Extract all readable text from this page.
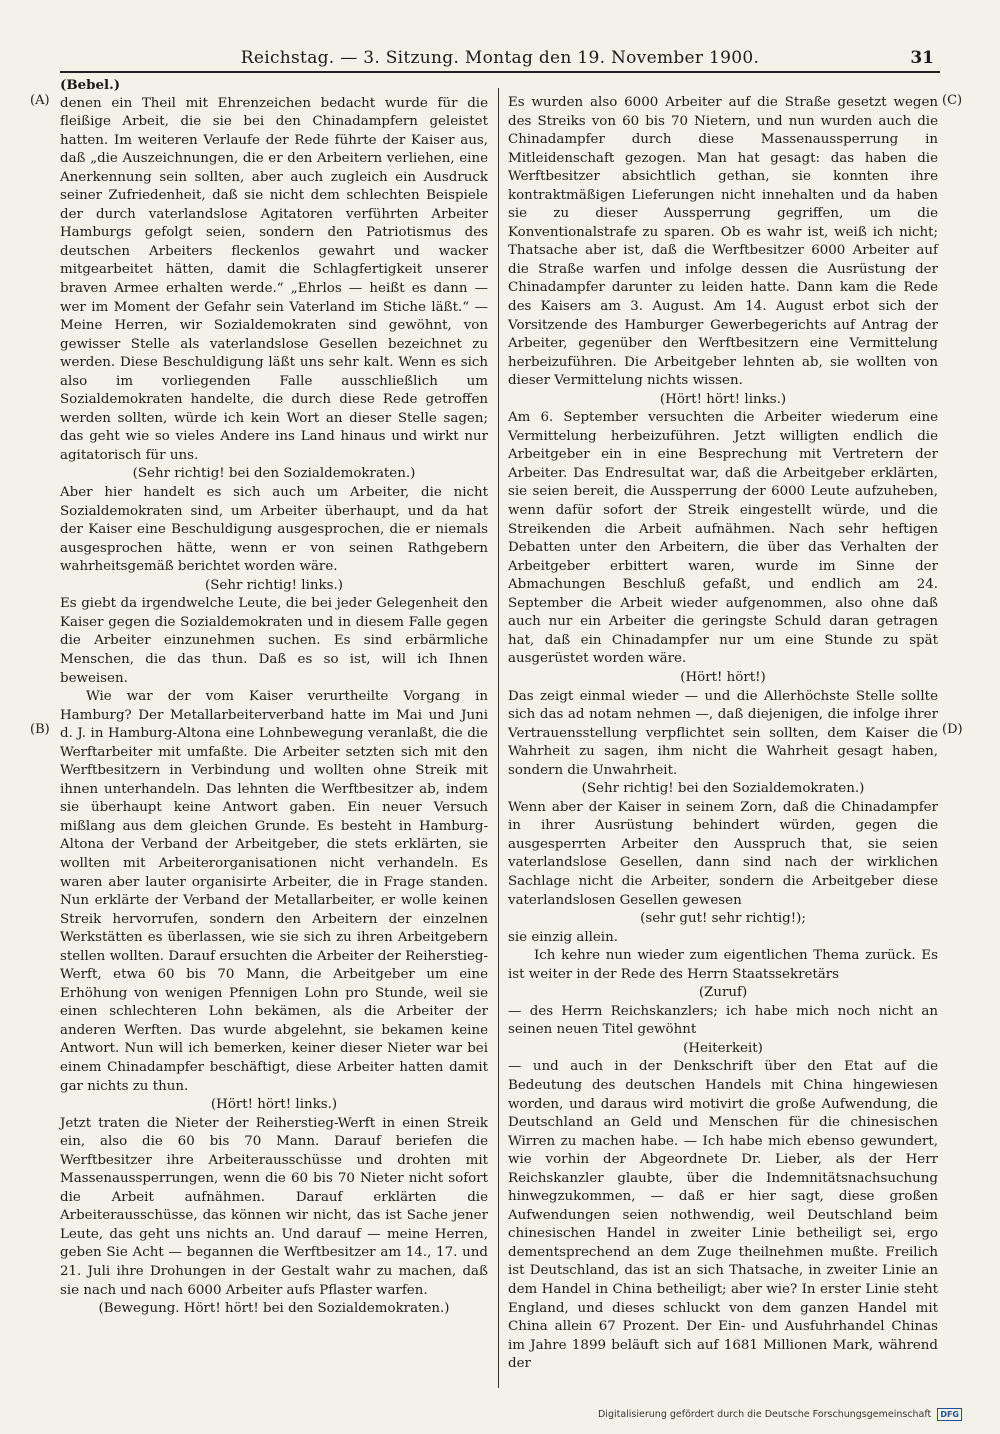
Reichstag. — 3. Sitzung. Montag den 19. November 1900.	31
(A)
(B)
(C)
(D)

(Bebel.)

denen ein Theil mit Ehrenzeichen bedacht wurde für die fleißige Arbeit, die sie bei den Chinadampfern geleistet hatten. Im weiteren Verlaufe der Rede führte der Kaiser aus, daß „die Auszeichnungen, die er den Arbeitern verliehen, eine Anerkennung sein sollten, aber auch zugleich ein Ausdruck seiner Zufriedenheit, daß sie nicht dem schlechten Beispiele der durch vaterlandslose Agitatoren verführten Arbeiter Hamburgs gefolgt seien, sondern den Patriotismus des deutschen Arbeiters fleckenlos gewahrt und wacker mitgearbeitet hätten, damit die Schlagfertigkeit unserer braven Armee erhalten werde.“ „Ehrlos — heißt es dann — wer im Moment der Gefahr sein Vaterland im Stiche läßt.“ — Meine Herren, wir Sozialdemokraten sind gewöhnt, von gewisser Stelle als vaterlandslose Gesellen bezeichnet zu werden. Diese Beschuldigung läßt uns sehr kalt. Wenn es sich also im vorliegenden Falle ausschließlich um Sozialdemokraten handelte, die durch diese Rede getroffen werden sollten, würde ich kein Wort an dieser Stelle sagen; das geht wie so vieles Andere ins Land hinaus und wirkt nur agitatorisch für uns.

(Sehr richtig! bei den Sozialdemokraten.)

Aber hier handelt es sich auch um Arbeiter, die nicht Sozialdemokraten sind, um Arbeiter überhaupt, und da hat der Kaiser eine Beschuldigung ausgesprochen, die er niemals ausgesprochen hätte, wenn er von seinen Rathgebern wahrheitsgemäß berichtet worden wäre.

(Sehr richtig! links.)

Es giebt da irgendwelche Leute, die bei jeder Gelegenheit den Kaiser gegen die Sozialdemokraten und in diesem Falle gegen die Arbeiter einzunehmen suchen. Es sind erbärmliche Menschen, die das thun. Daß es so ist, will ich Ihnen beweisen.

Wie war der vom Kaiser verurtheilte Vorgang in Hamburg? Der Metallarbeiterverband hatte im Mai und Juni d. J. in Hamburg-Altona eine Lohnbewegung veranlaßt, die die Werftarbeiter mit umfaßte. Die Arbeiter setzten sich mit den Werftbesitzern in Verbindung und wollten ohne Streik mit ihnen unterhandeln. Das lehnten die Werftbesitzer ab, indem sie überhaupt keine Antwort gaben. Ein neuer Versuch mißlang aus dem gleichen Grunde. Es besteht in Hamburg-Altona der Verband der Arbeitgeber, die stets erklärten, sie wollten mit Arbeiterorganisationen nicht verhandeln. Es waren aber lauter organisirte Arbeiter, die in Frage standen. Nun erklärte der Verband der Metallarbeiter, er wolle keinen Streik hervorrufen, sondern den Arbeitern der einzelnen Werkstätten es überlassen, wie sie sich zu ihren Arbeitgebern stellen wollten. Darauf ersuchten die Arbeiter der Reiherstieg-Werft, etwa 60 bis 70 Mann, die Arbeitgeber um eine Erhöhung von wenigen Pfennigen Lohn pro Stunde, weil sie einen schlechteren Lohn bekämen, als die Arbeiter der anderen Werften. Das wurde abgelehnt, sie bekamen keine Antwort. Nun will ich bemerken, keiner dieser Nieter war bei einem Chinadampfer beschäftigt, diese Arbeiter hatten damit gar nichts zu thun.

(Hört! hört! links.)

Jetzt traten die Nieter der Reiherstieg-Werft in einen Streik ein, also die 60 bis 70 Mann. Darauf beriefen die Werftbesitzer ihre Arbeiterausschüsse und drohten mit Massenaussperrungen, wenn die 60 bis 70 Nieter nicht sofort die Arbeit aufnähmen. Darauf erklärten die Arbeiterausschüsse, das können wir nicht, das ist Sache jener Leute, das geht uns nichts an. Und darauf — meine Herren, geben Sie Acht — begannen die Werftbesitzer am 14., 17. und 21. Juli ihre Drohungen in der Gestalt wahr zu machen, daß sie nach und nach 6000 Arbeiter aufs Pflaster warfen.

(Bewegung. Hört! hört! bei den Sozialdemokraten.)

Es wurden also 6000 Arbeiter auf die Straße gesetzt wegen des Streiks von 60 bis 70 Nietern, und nun wurden auch die Chinadampfer durch diese Massenaussperrung in Mitleidenschaft gezogen. Man hat gesagt: das haben die Werftbesitzer absichtlich gethan, sie konnten ihre kontraktmäßigen Lieferungen nicht innehalten und da haben sie zu dieser Aussperrung gegriffen, um die Konventionalstrafe zu sparen. Ob es wahr ist, weiß ich nicht; Thatsache aber ist, daß die Werftbesitzer 6000 Arbeiter auf die Straße warfen und infolge dessen die Ausrüstung der Chinadampfer darunter zu leiden hatte. Dann kam die Rede des Kaisers am 3. August. Am 14. August erbot sich der Vorsitzende des Hamburger Gewerbegerichts auf Antrag der Arbeiter, gegenüber den Werftbesitzern eine Vermittelung herbeizuführen. Die Arbeitgeber lehnten ab, sie wollten von dieser Vermittelung nichts wissen.

(Hört! hört! links.)

Am 6. September versuchten die Arbeiter wiederum eine Vermittelung herbeizuführen. Jetzt willigten endlich die Arbeitgeber ein in eine Besprechung mit Vertretern der Arbeiter. Das Endresultat war, daß die Arbeitgeber erklärten, sie seien bereit, die Aussperrung der 6000 Leute aufzuheben, wenn dafür sofort der Streik eingestellt würde, und die Streikenden die Arbeit aufnähmen. Nach sehr heftigen Debatten unter den Arbeitern, die über das Verhalten der Arbeitgeber erbittert waren, wurde im Sinne der Abmachungen Beschluß gefaßt, und endlich am 24. September die Arbeit wieder aufgenommen, also ohne daß auch nur ein Arbeiter die geringste Schuld daran getragen hat, daß ein Chinadampfer nur um eine Stunde zu spät ausgerüstet worden wäre.

(Hört! hört!)

Das zeigt einmal wieder — und die Allerhöchste Stelle sollte sich das ad notam nehmen —, daß diejenigen, die infolge ihrer Vertrauensstellung verpflichtet sein sollten, dem Kaiser die Wahrheit zu sagen, ihm nicht die Wahrheit gesagt haben, sondern die Unwahrheit.

(Sehr richtig! bei den Sozialdemokraten.)

Wenn aber der Kaiser in seinem Zorn, daß die Chinadampfer in ihrer Ausrüstung behindert würden, gegen die ausgesperrten Arbeiter den Ausspruch that, sie seien vaterlandslose Gesellen, dann sind nach der wirklichen Sachlage nicht die Arbeiter, sondern die Arbeitgeber diese vaterlandslosen Gesellen gewesen

(sehr gut! sehr richtig!);

sie einzig allein.

Ich kehre nun wieder zum eigentlichen Thema zurück. Es ist weiter in der Rede des Herrn Staatssekretärs

(Zuruf)

— des Herrn Reichskanzlers; ich habe mich noch nicht an seinen neuen Titel gewöhnt

(Heiterkeit)

— und auch in der Denkschrift über den Etat auf die Bedeutung des deutschen Handels mit China hingewiesen worden, und daraus wird motivirt die große Aufwendung, die Deutschland an Geld und Menschen für die chinesischen Wirren zu machen habe. — Ich habe mich ebenso gewundert, wie vorhin der Abgeordnete Dr. Lieber, als der Herr Reichskanzler glaubte, über die Indemnitätsnachsuchung hinwegzukommen, — daß er hier sagt, diese großen Aufwendungen seien nothwendig, weil Deutschland beim chinesischen Handel in zweiter Linie betheiligt sei, ergo dementsprechend an dem Zuge theilnehmen mußte. Freilich ist Deutschland, das ist an sich Thatsache, in zweiter Linie an dem Handel in China betheiligt; aber wie? In erster Linie steht England, und dieses schluckt von dem ganzen Handel mit China allein 67 Prozent. Der Ein- und Ausfuhrhandel Chinas im Jahre 1899 beläuft sich auf 1681 Millionen Mark, während der

Digitalisierung gefördert durch die Deutsche Forschungsgemeinschaft DFG
